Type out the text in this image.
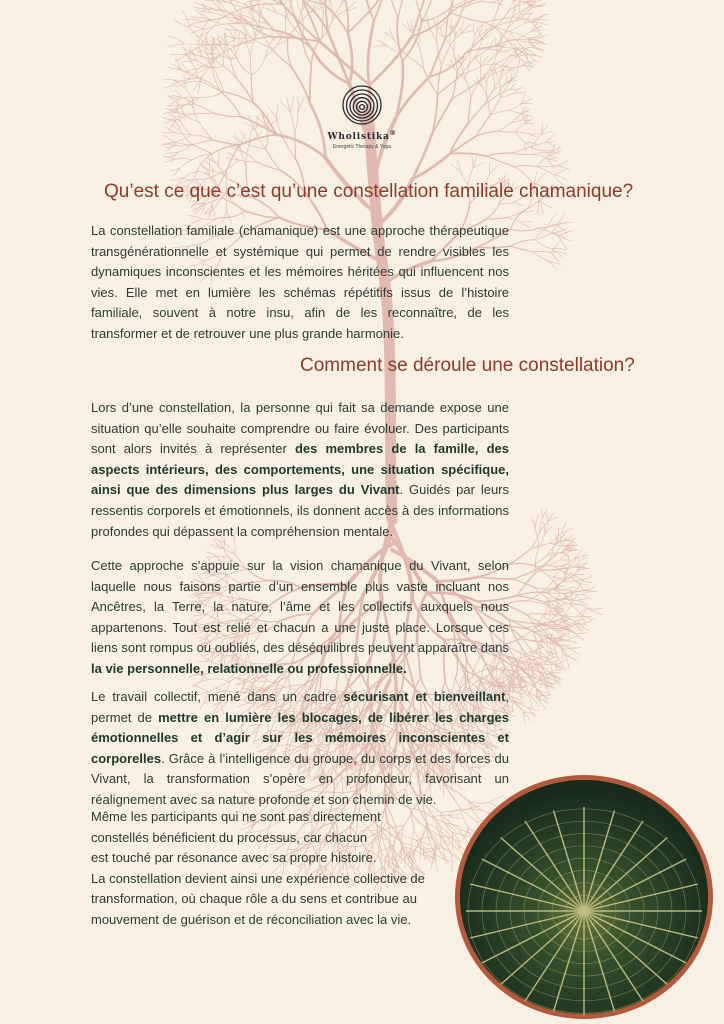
Wholistika®
Energetic Therapy & Yoga
Qu’est ce que c’est qu’une constellation familiale chamanique?

La constellation familiale (chamanique) est une approche thérapeutique transgénérationnelle et systémique qui permet de rendre visibles les dynamiques inconscientes et les mémoires héritées qui influencent nos vies. Elle met en lumière les schémas répétitifs issus de l’histoire familiale, souvent à notre insu, afin de les reconnaître, de les transformer et de retrouver une plus grande harmonie.

Comment se déroule une constellation?

Lors d’une constellation, la personne qui fait sa demande expose une situation qu’elle souhaite comprendre ou faire évoluer. Des participants sont alors invités à représenter des membres de la famille, des aspects intérieurs, des comportements, une situation spécifique, ainsi que des dimensions plus larges du Vivant. Guidés par leurs ressentis corporels et émotionnels, ils donnent accès à des informations profondes qui dépassent la compréhension mentale.

Cette approche s’appuie sur la vision chamanique du Vivant, selon laquelle nous faisons partie d’un ensemble plus vaste incluant nos Ancêtres, la Terre, la nature, l’âme et les collectifs auxquels nous appartenons. Tout est relié et chacun a une juste place. Lorsque ces liens sont rompus ou oubliés, des déséquilibres peuvent apparaître dans la vie personnelle, relationnelle ou professionnelle.

Le travail collectif, mené dans un cadre sécurisant et bienveillant, permet de mettre en lumière les blocages, de libérer les charges émotionnelles et d’agir sur les mémoires inconscientes et corporelles. Grâce à l’intelligence du groupe, du corps et des forces du Vivant, la transformation s’opère en profondeur, favorisant un réalignement avec sa nature profonde et son chemin de vie.

Même les participants qui ne sont pas directement
constellés bénéficient du processus, car chacun
est touché par résonance avec sa propre histoire.
La constellation devient ainsi une expérience collective de
transformation, où chaque rôle a du sens et contribue au
mouvement de guérison et de réconciliation avec la vie.
